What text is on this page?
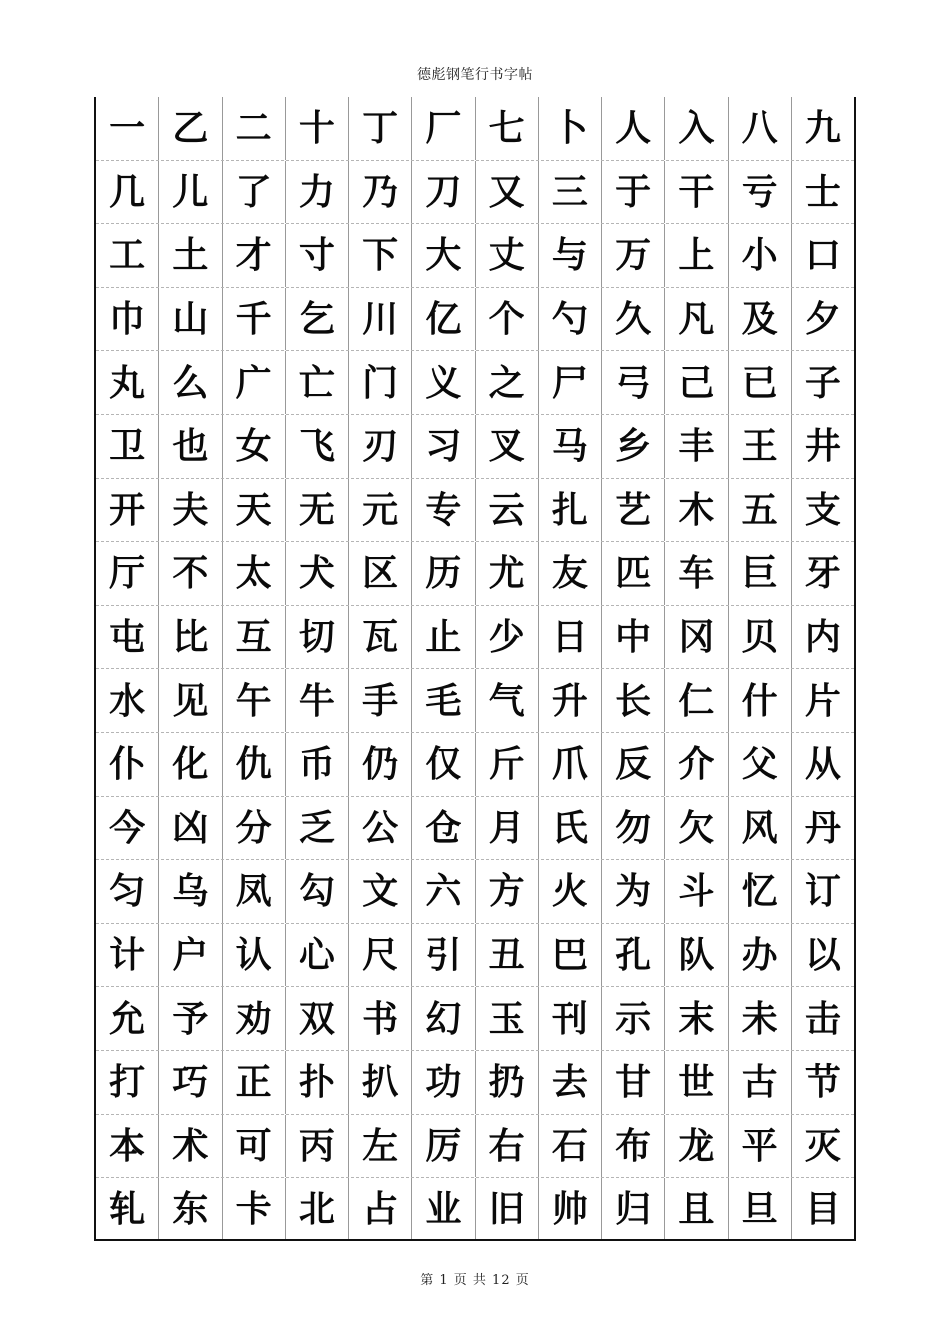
德彪钢笔行书字帖
一 乙 二 十 丁 厂 七 卜 人 入 八 九
几 儿 了 力 乃 刀 又 三 于 干 亏 士
工 土 才 寸 下 大 丈 与 万 上 小 口
巾 山 千 乞 川 亿 个 勺 久 凡 及 夕
丸 么 广 亡 门 义 之 尸 弓 己 已 子
卫 也 女 飞 刃 习 叉 马 乡 丰 王 井
开 夫 天 无 元 专 云 扎 艺 木 五 支
厅 不 太 犬 区 历 尤 友 匹 车 巨 牙
屯 比 互 切 瓦 止 少 日 中 冈 贝 内
水 见 午 牛 手 毛 气 升 长 仁 什 片
仆 化 仇 币 仍 仅 斤 爪 反 介 父 从
今 凶 分 乏 公 仓 月 氏 勿 欠 风 丹
匀 乌 凤 勾 文 六 方 火 为 斗 忆 订
计 户 认 心 尺 引 丑 巴 孔 队 办 以
允 予 劝 双 书 幻 玉 刊 示 末 未 击
打 巧 正 扑 扒 功 扔 去 甘 世 古 节
本 术 可 丙 左 厉 右 石 布 龙 平 灭
轧 东 卡 北 占 业 旧 帅 归 且 旦 目
第 1 页 共 12 页
